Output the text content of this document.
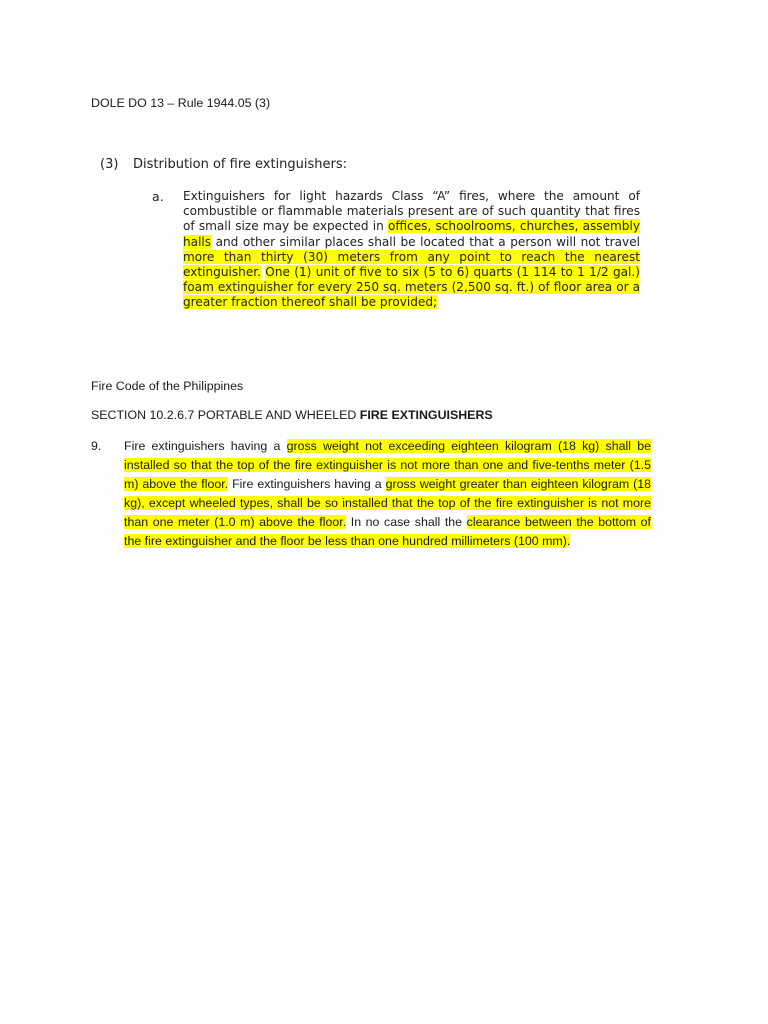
DOLE DO 13 – Rule 1944.05 (3)

(3) Distribution of fire extinguishers:

a. Extinguishers for light hazards Class “A” fires, where the amount of combustible or flammable materials present are of such quantity that fires of small size may be expected in offices, schoolrooms, churches, assembly halls and other similar places shall be located that a person will not travel more than thirty (30) meters from any point to reach the nearest extinguisher. One (1) unit of five to six (5 to 6) quarts (1 114 to 1 1/2 gal.) foam extinguisher for every 250 sq. meters (2,500 sq. ft.) of floor area or a greater fraction thereof shall be provided;

Fire Code of the Philippines

SECTION 10.2.6.7 PORTABLE AND WHEELED FIRE EXTINGUISHERS

9. Fire extinguishers having a gross weight not exceeding eighteen kilogram (18 kg) shall be installed so that the top of the fire extinguisher is not more than one and five-tenths meter (1.5 m) above the floor. Fire extinguishers having a gross weight greater than eighteen kilogram (18 kg), except wheeled types, shall be so installed that the top of the fire extinguisher is not more than one meter (1.0 m) above the floor. In no case shall the clearance between the bottom of the fire extinguisher and the floor be less than one hundred millimeters (100 mm).
